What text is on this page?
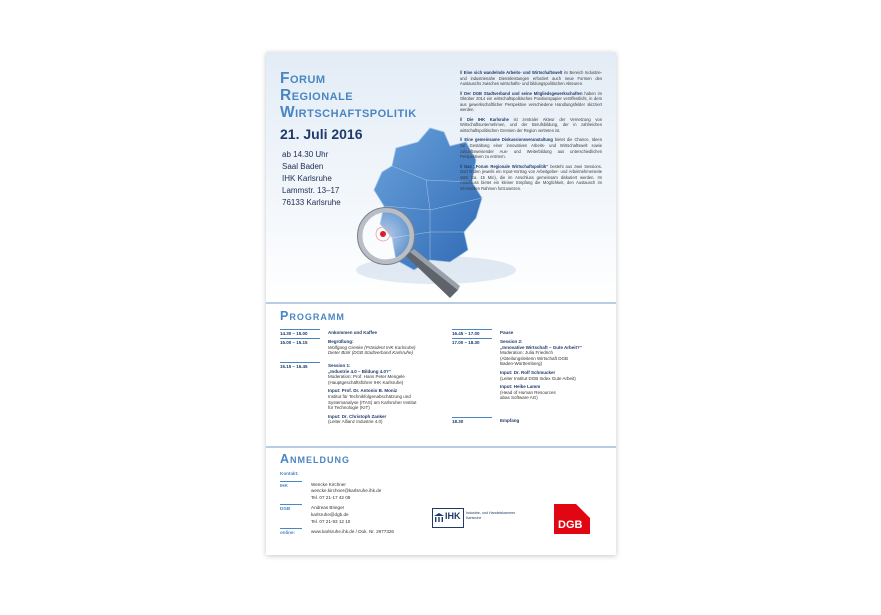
Forum
Regionale
Wirtschaftspolitik
21. Juli 2016
ab 14.30 Uhr
Saal Baden
IHK Karlsruhe
Lammstr. 13–17
76133 Karlsruhe

// Eine sich wandelnde Arbeits- und Wirtschaftswelt im Bereich Industrie- und industrienahe Dienstleistungen erfordert auch neue Formen des Austauschs zwischen wirtschafts- und bildungspolitischen Akteuren.

// Der DGB Stadtverband und seine Mitgliedsgewerkschaften haben im Oktober 2014 ein wirtschaftspolitisches Positionspapier veröffentlicht, in dem aus gewerkschaftlicher Perspektive verschiedene Handlungsfelder skizziert werden.

// Die IHK Karlsruhe ist zentraler Akteur der Vernetzung von Wirtschaftsunternehmen, und der Berufsbildung, der in zahlreichen wirtschaftspolitischen Gremien der Region vertreten ist.

// Eine gemeinsame Diskussionsveranstaltung bietet die Chance, Ideen zur Gestaltung einer innovativen Arbeits- und Wirtschaftswelt sowie zukunftsweisender Aus- und Weiterbildung aus unterschiedlichen Perspektiven zu erörtern.

// Das „Forum Regionale Wirtschaftspolitik“ besteht aus zwei Sessions. Dort finden jeweils ein Input-Vortrag von Arbeitgeber- und Arbeitnehmerseite statt (ca. 15 Min), die im Anschluss gemeinsam diskutiert werden. Im Anschluss bietet ein kleiner Empfang die Möglichkeit, den Austausch im informellen Rahmen fortzusetzen.

Programm
14.30 – 15.00	Ankommen und Kaffee
15.00 – 15.15	Begrüßung:
Wolfgang Grenke (Präsident IHK Karlsruhe)
Dieter Bürk (DGB Stadtverband Karlsruhe)
15.15 – 16.45	Session 1:
„Industrie 4.0 – Bildung 4.0?“
Moderation: Prof. Hans Peter Mengele
(Hauptgeschäftsführer IHK Karlsruhe)
Input: Prof. Dr. Antonio B. Moniz
Institut für Technikfolgenabschätzung und
Systemanalyse (ITAS) am Karlsruher Institut
für Technologie (KIT)
Input: Dr. Christoph Zanker
(Leiter Allianz Industrie 4.0)
16.45 – 17.00	Pause
17.00 – 18.30	Session 2:
„Innovative Wirtschaft – Gute Arbeit?“
Moderation: Julia Friedrich
(Abteilungsleiterin Wirtschaft DGB
Baden-Württemberg)
Input: Dr. Rolf Schmucker
(Leiter Institut DGB Index Gute Arbeit)
Input: Heike Lamm
(Head of Human Resources
abas Software AG)
18.30	Empfang
Anmeldung
Kontakt:
IHK	Wencke Kirchner
wencke.kirchner@karlsruhe.ihk.de
Tel. 07 21-17 42 08
DGB	Andreas Brieger
karlsruhe@dgb.de
Tel. 07 21-93 12 10
online:	www.karlsruhe.ihk.de / Dok. Nr. 2977326
IHK Industrie- und Handelskammer Karlsruhe
DGB
